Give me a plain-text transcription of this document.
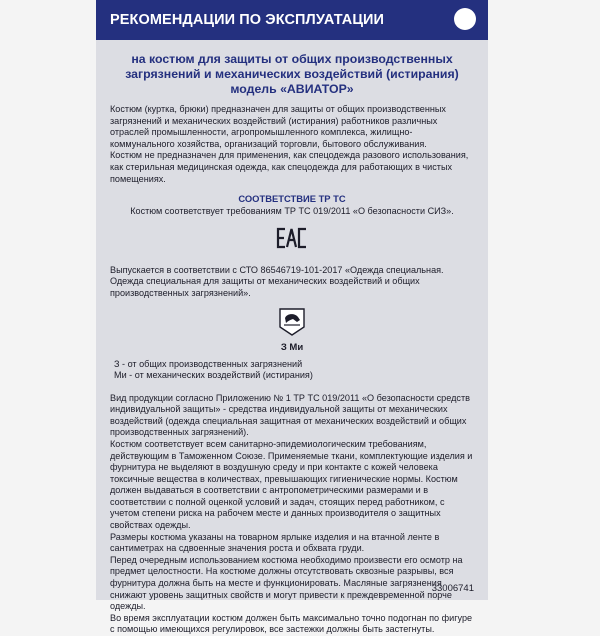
РЕКОМЕНДАЦИИ ПО ЭКСПЛУАТАЦИИ
на костюм для защиты от общих производственных загрязнений и механических воздействий (истирания) модель «АВИАТОР»

Костюм (куртка, брюки) предназначен для защиты от общих производственных загрязнений и механических воздействий (истирания) работников различных отраслей промышленности, агропромышленного комплекса, жилищно-коммунального хозяйства, организаций торговли, бытового обслуживания.

Костюм не предназначен для применения, как спецодежда разового использования, как стерильная медицинская одежда, как спецодежда для работающих в чистых помещениях.

СООТВЕТСТВИЕ ТР ТС

Костюм соответствует требованиям ТР ТС 019/2011 «О безопасности СИЗ».

Выпускается в соответствии с СТО 86546719-101-2017 «Одежда специальная. Одежда специальная для защиты от механических воздействий и общих производственных загрязнений».

З Ми

З - от общих производственных загрязнений

Ми - от механических воздействий (истирания)

Вид продукции согласно Приложению № 1 ТР ТС 019/2011 «О безопасности средств индивидуальной защиты» - средства индивидуальной защиты от механических воздействий (одежда специальная защитная от механических воздействий и общих производственных загрязнений).

Костюм соответствует всем санитарно-эпидемиологическим требованиям, действующим в Таможенном Союзе. Применяемые ткани, комплектующие изделия и фурнитура не выделяют в воздушную среду и при контакте с кожей человека токсичные вещества в количествах, превышающих гигиенические нормы. Костюм должен выдаваться в соответствии с антропометрическими размерами и в соответствии с полной оценкой условий и задач, стоящих перед работником, с учетом степени риска на рабочем месте и данных производителя о защитных свойствах одежды.

Размеры костюма указаны на товарном ярлыке изделия и на втачной ленте в сантиметрах на сдвоенные значения роста и обхвата груди.

Перед очередным использованием костюма необходимо произвести его осмотр на предмет целостности. На костюме должны отсутствовать сквозные разрывы, вся фурнитура должна быть на месте и функционировать. Масляные загрязнения снижают уровень защитных свойств и могут привести к преждевременной порче одежды.

Во время эксплуатации костюм должен быть максимально точно подогнан по фигуре с помощью имеющихся регулировок, все застежки должны быть застегнуты.

33006741
